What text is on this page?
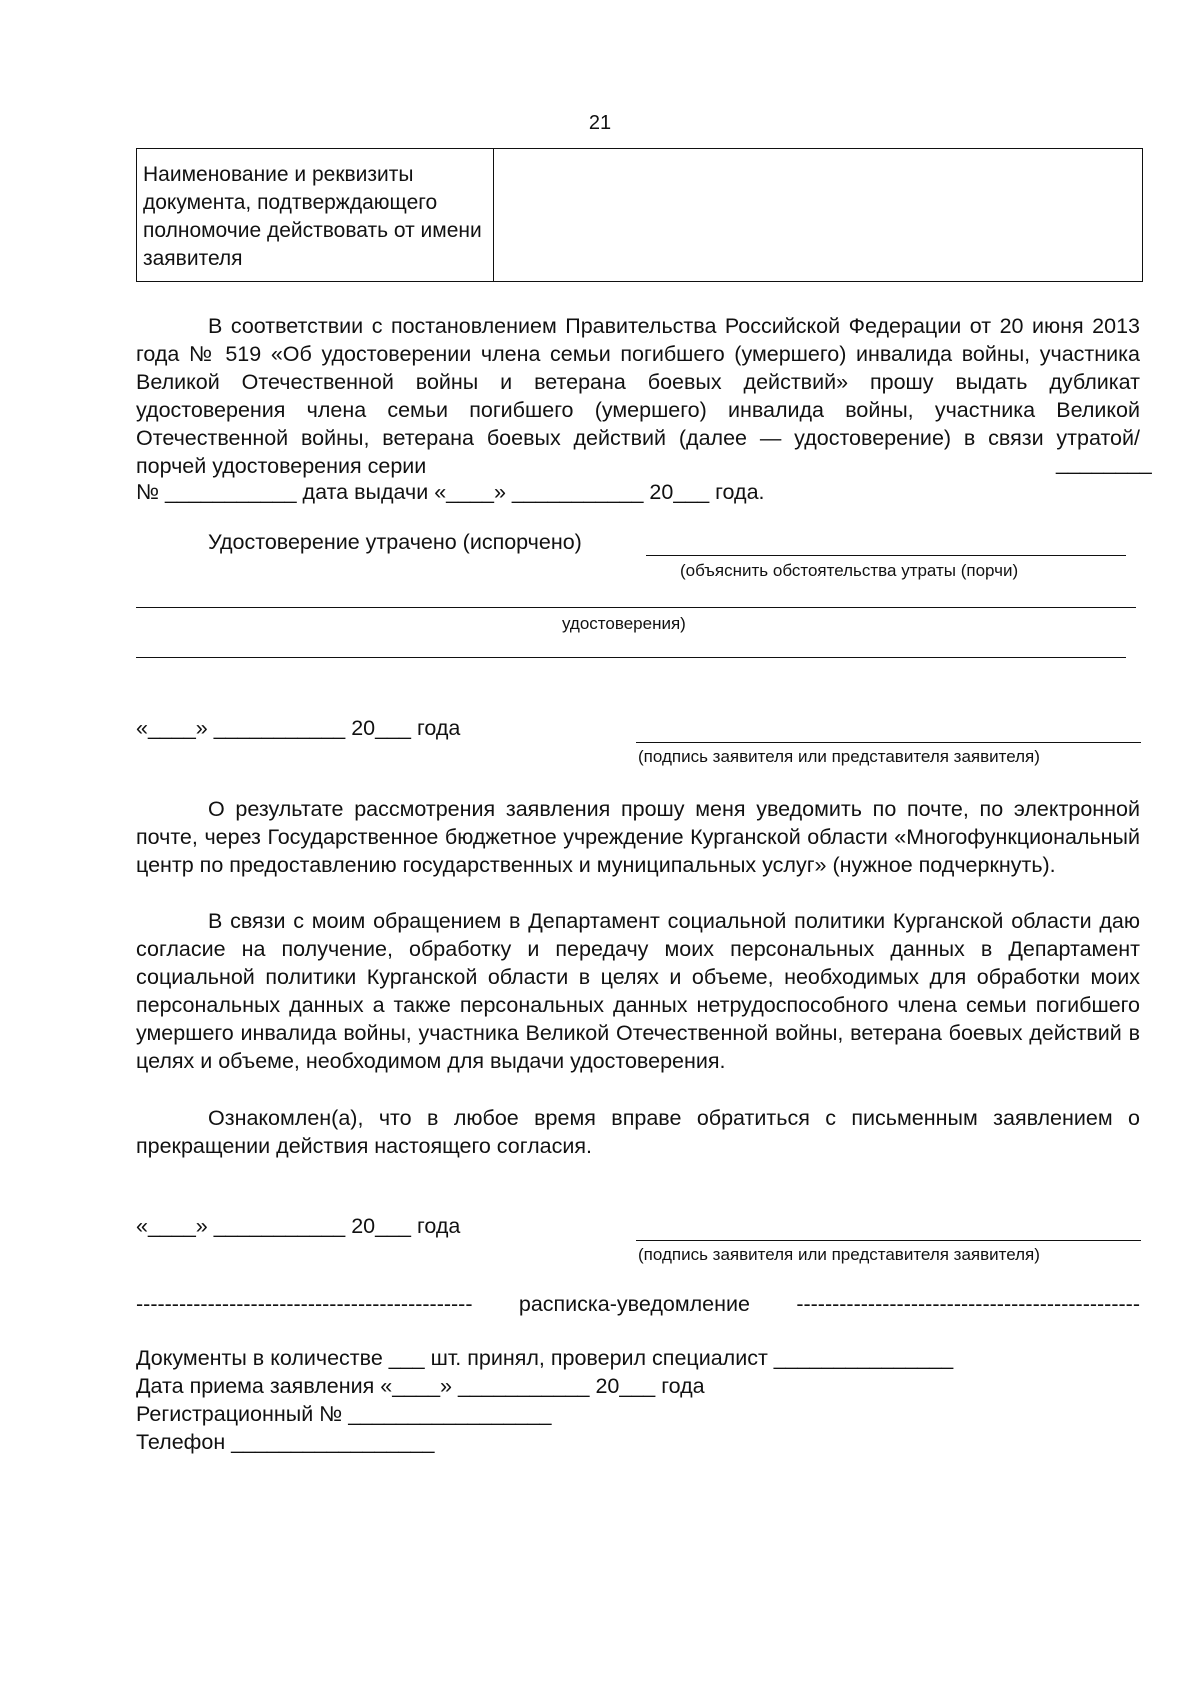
21
Наименование и реквизиты документа, подтверждающего полномочие действовать от имени заявителя

В соответствии с постановлением Правительства Российской Федерации от 20 июня 2013 года № 519 «Об удостоверении члена семьи погибшего (умершего) инвалида войны, участника Великой Отечественной войны и ветерана боевых действий» прошу выдать дубликат удостоверения члена семьи погибшего (умершего) инвалида войны, участника Великой Отечественной войны, ветерана боевых действий (далее — удостоверение) в связи утратой/порчей удостоверения серии	________
№ ___________ дата выдачи «____» ___________ 20___ года.
Удостоверение утрачено (испорчено)
(объяснить обстоятельства утраты (порчи)
удостоверения)
«____» ___________ 20___ года
(подпись заявителя или представителя заявителя)

О результате рассмотрения заявления прошу меня уведомить по почте, по электронной почте, через Государственное бюджетное учреждение Курганской области «Многофункциональный центр по предоставлению государственных и муниципальных услуг» (нужное подчеркнуть).

В связи с моим обращением в Департамент социальной политики Курганской области даю согласие на получение, обработку и передачу моих персональных данных в Департамент социальной политики Курганской области в целях и объеме, необходимых для обработки моих персональных данных а также персональных данных нетрудоспособного члена семьи погибшего умершего инвалида войны, участника Великой Отечественной войны, ветерана боевых действий в целях и объеме, необходимом для выдачи удостоверения.

Ознакомлен(а), что в любое время вправе обратиться с письменным заявлением о прекращении действия настоящего согласия.

«____» ___________ 20___ года
(подпись заявителя или представителя заявителя)
----------------------------------------------- расписка-уведомление ------------------------------------------------
Документы в количестве ___ шт. принял, проверил специалист _______________
Дата приема заявления «____» ___________ 20___ года
Регистрационный № _________________
Телефон _________________
